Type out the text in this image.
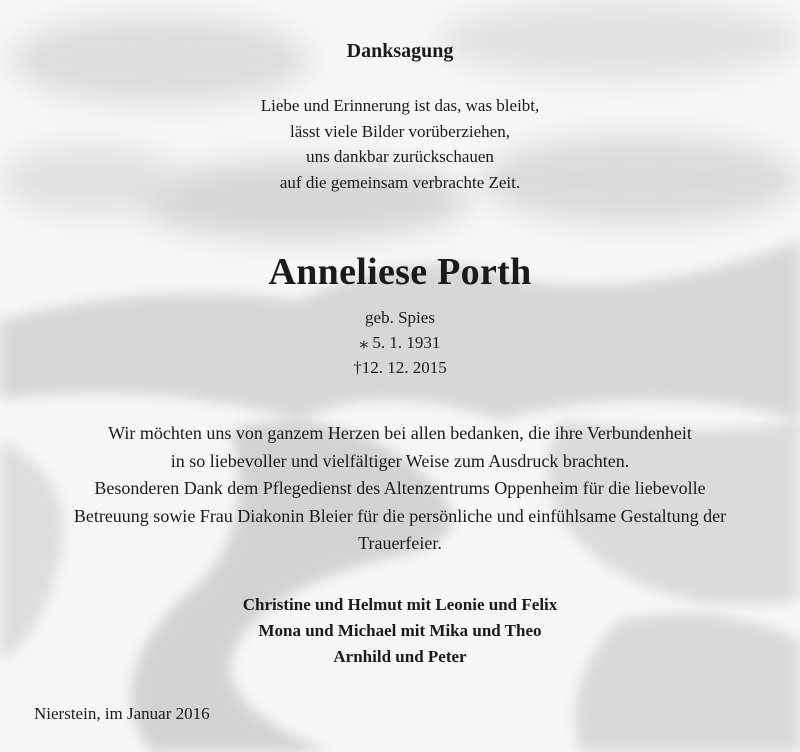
Danksagung
Liebe und Erinnerung ist das, was bleibt,
lässt viele Bilder vorüberziehen,
uns dankbar zurückschauen
auf die gemeinsam verbrachte Zeit.
Anneliese Porth
geb. Spies
⁎ 5. 1. 1931
†12. 12. 2015
Wir möchten uns von ganzem Herzen bei allen bedanken, die ihre Verbundenheit
in so liebevoller und vielfältiger Weise zum Ausdruck brachten.
Besonderen Dank dem Pflegedienst des Altenzentrums Oppenheim für die liebevolle
Betreuung sowie Frau Diakonin Bleier für die persönliche und einfühlsame Gestaltung der
Trauerfeier.
Christine und Helmut mit Leonie und Felix
Mona und Michael mit Mika und Theo
Arnhild und Peter
Nierstein, im Januar 2016
